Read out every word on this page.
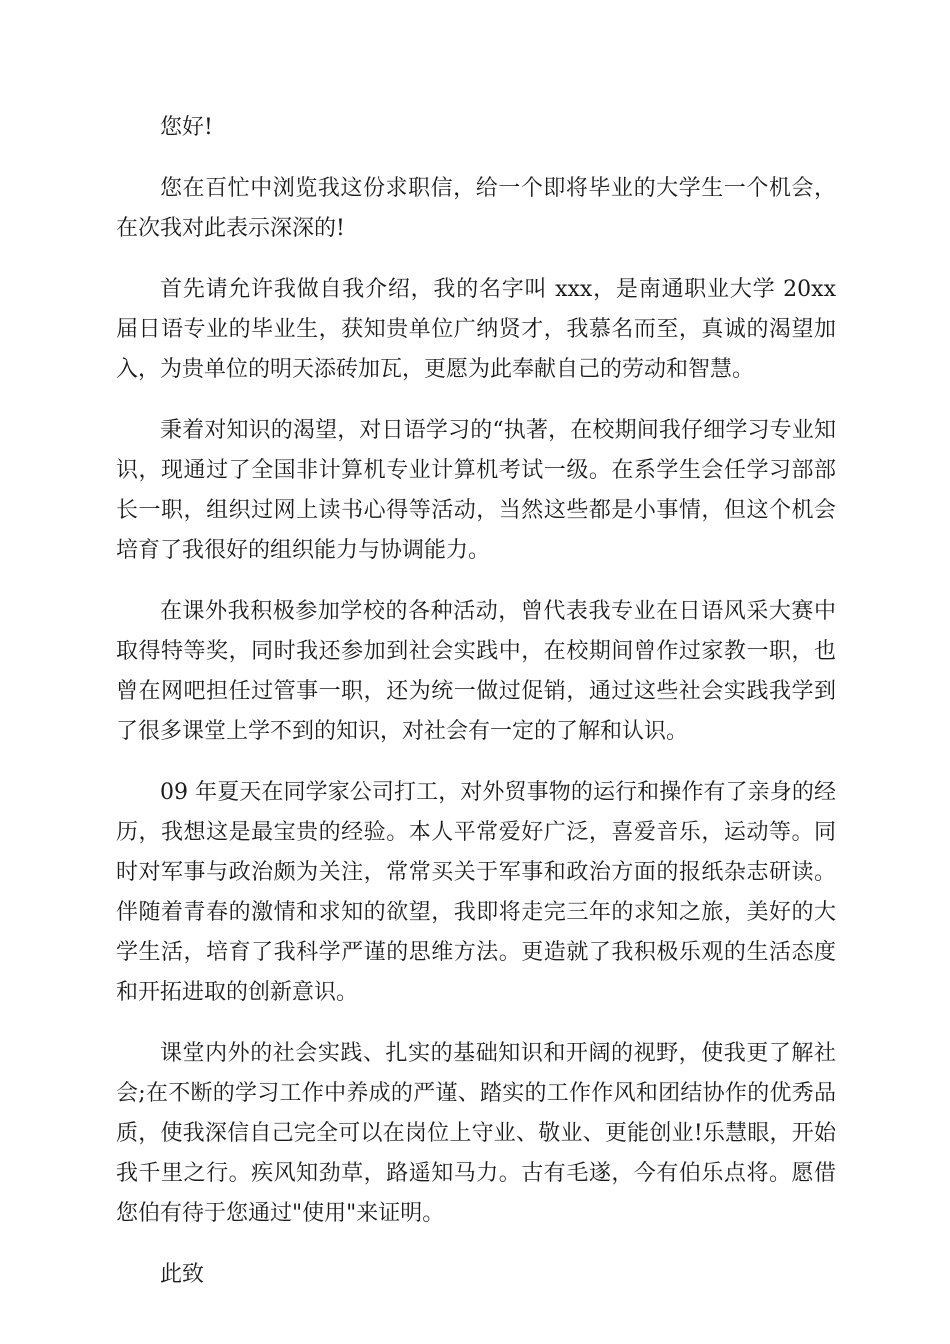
您好!

您在百忙中浏览我这份求职信，给一个即将毕业的大学生一个机会，在次我对此表示深深的!

首先请允许我做自我介绍，我的名字叫 xxx，是南通职业大学 20xx 届日语专业的毕业生，获知贵单位广纳贤才，我慕名而至，真诚的渴望加入，为贵单位的明天添砖加瓦，更愿为此奉献自己的劳动和智慧。

秉着对知识的渴望，对日语学习的“执著，在校期间我仔细学习专业知识，现通过了全国非计算机专业计算机考试一级。在系学生会任学习部部长一职，组织过网上读书心得等活动，当然这些都是小事情，但这个机会培育了我很好的组织能力与协调能力。

在课外我积极参加学校的各种活动，曾代表我专业在日语风采大赛中取得特等奖，同时我还参加到社会实践中，在校期间曾作过家教一职，也曾在网吧担任过管事一职，还为统一做过促销，通过这些社会实践我学到了很多课堂上学不到的知识，对社会有一定的了解和认识。

09 年夏天在同学家公司打工，对外贸事物的运行和操作有了亲身的经历，我想这是最宝贵的经验。本人平常爱好广泛，喜爱音乐，运动等。同时对军事与政治颇为关注，常常买关于军事和政治方面的报纸杂志研读。伴随着青春的激情和求知的欲望，我即将走完三年的求知之旅，美好的大学生活，培育了我科学严谨的思维方法。更造就了我积极乐观的生活态度和开拓进取的创新意识。

课堂内外的社会实践、扎实的基础知识和开阔的视野，使我更了解社会;在不断的学习工作中养成的严谨、踏实的工作作风和团结协作的优秀品质，使我深信自己完全可以在岗位上守业、敬业、更能创业!乐慧眼，开始我千里之行。疾风知劲草，路遥知马力。古有毛遂，今有伯乐点将。愿借您伯有待于您通过"使用"来证明。

此致
